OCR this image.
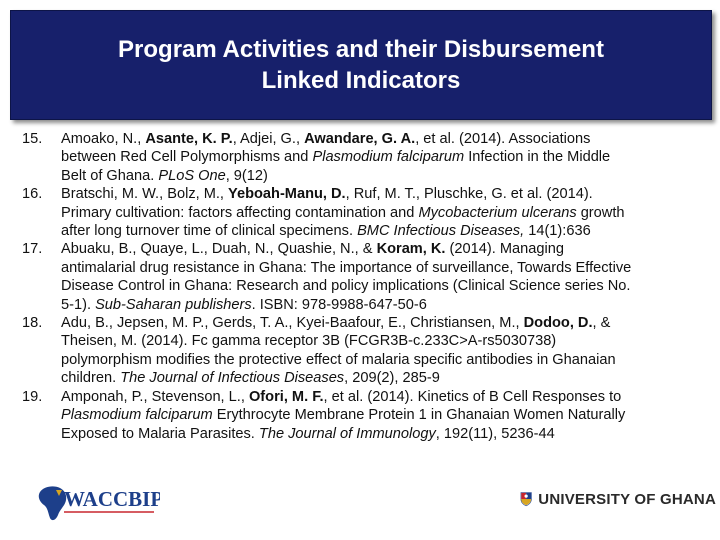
Program Activities and their Disbursement
Linked Indicators
15. Amoako, N., Asante, K. P., Adjei, G., Awandare, G. A., et al. (2014). Associations
between Red Cell Polymorphisms and Plasmodium falciparum Infection in the Middle
Belt of Ghana. PLoS One, 9(12)
16. Bratschi, M. W., Bolz, M., Yeboah-Manu, D., Ruf, M. T., Pluschke, G. et al. (2014).
Primary cultivation: factors affecting contamination and Mycobacterium ulcerans growth
after long turnover time of clinical specimens. BMC Infectious Diseases, 14(1):636
17. Abuaku, B., Quaye, L., Duah, N., Quashie, N., & Koram, K. (2014). Managing
antimalarial drug resistance in Ghana: The importance of surveillance, Towards Effective
Disease Control in Ghana: Research and policy implications (Clinical Science series No.
5-1). Sub-Saharan publishers. ISBN: 978-9988-647-50-6
18. Adu, B., Jepsen, M. P., Gerds, T. A., Kyei-Baafour, E., Christiansen, M., Dodoo, D., &
Theisen, M. (2014). Fc gamma receptor 3B (FCGR3B-c.233C>A-rs5030738)
polymorphism modifies the protective effect of malaria specific antibodies in Ghanaian
children. The Journal of Infectious Diseases, 209(2), 285-9
19. Amponah, P., Stevenson, L., Ofori, M. F., et al. (2014). Kinetics of B Cell Responses to
Plasmodium falciparum Erythrocyte Membrane Protein 1 in Ghanaian Women Naturally
Exposed to Malaria Parasites. The Journal of Immunology, 192(11), 5236-44
WACCBIP	UNIVERSITY OF GHANA
